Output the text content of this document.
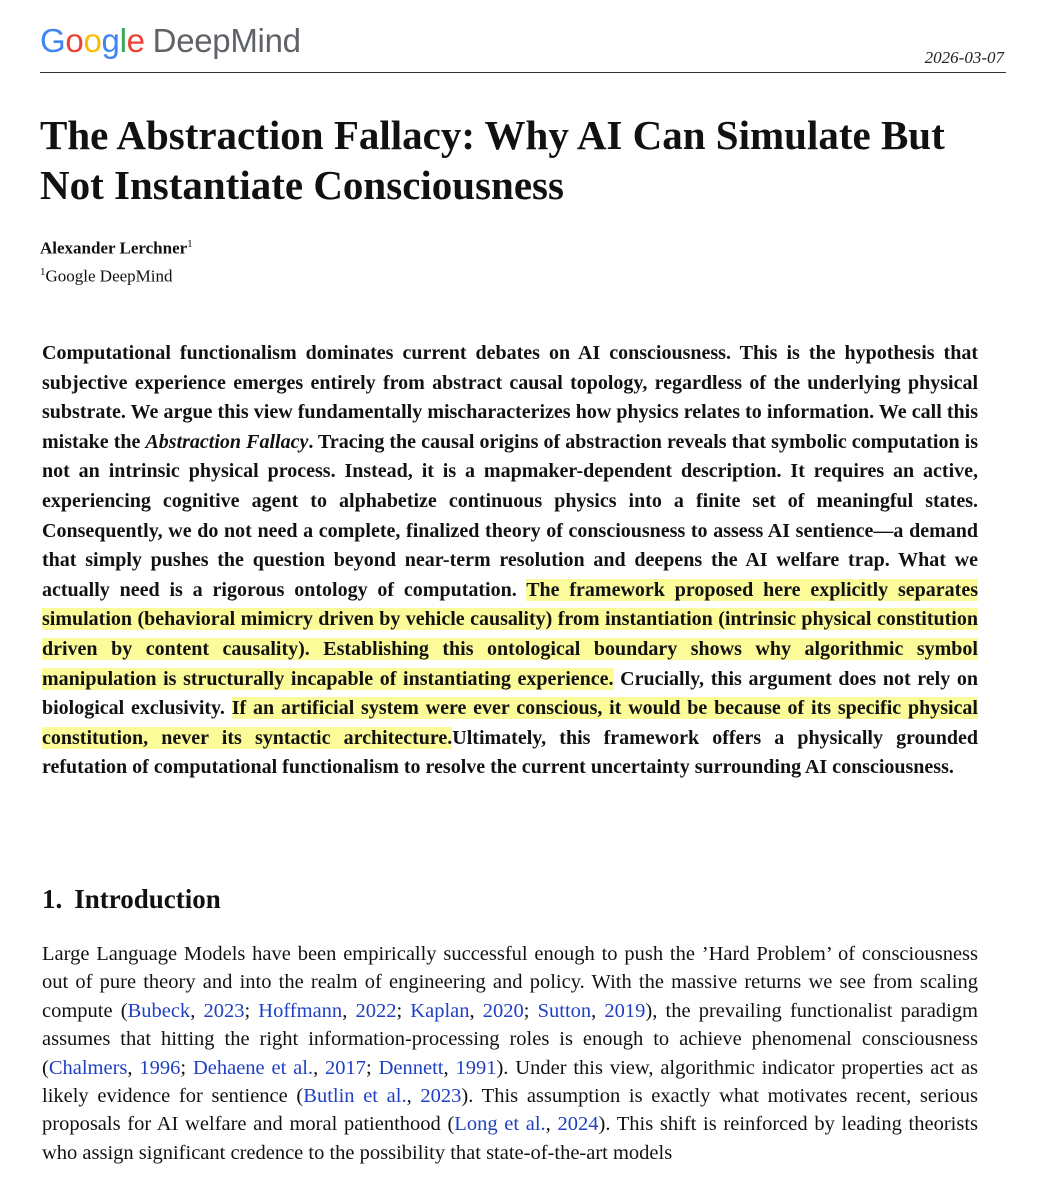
Google DeepMind	2026-03-07
The Abstraction Fallacy: Why AI Can Simulate But Not Instantiate Consciousness
Alexander Lerchner$^1$
$^1$Google DeepMind

Computational functionalism dominates current debates on AI consciousness. This is the hypothesis that subjective experience emerges entirely from abstract causal topology, regardless of the underlying physical substrate. We argue this view fundamentally mischaracterizes how physics relates to information. We call this mistake the Abstraction Fallacy. Tracing the causal origins of abstraction reveals that symbolic computation is not an intrinsic physical process. Instead, it is a mapmaker-dependent description. It requires an active, experiencing cognitive agent to alphabetize continuous physics into a finite set of meaningful states. Consequently, we do not need a complete, finalized theory of consciousness to assess AI sentience—a demand that simply pushes the question beyond near-term resolution and deepens the AI welfare trap. What we actually need is a rigorous ontology of computation. The framework proposed here explicitly separates simulation (behavioral mimicry driven by vehicle causality) from instantiation (intrinsic physical constitution driven by content causality). Establishing this ontological boundary shows why algorithmic symbol manipulation is structurally incapable of instantiating experience. Crucially, this argument does not rely on biological exclusivity. If an artificial system were ever conscious, it would be because of its specific physical constitution, never its syntactic architecture.Ultimately, this framework offers a physically grounded refutation of computational functionalism to resolve the current uncertainty surrounding AI consciousness.

1. Introduction

Large Language Models have been empirically successful enough to push the ’Hard Problem’ of consciousness out of pure theory and into the realm of engineering and policy. With the massive returns we see from scaling compute (Bubeck, 2023; Hoffmann, 2022; Kaplan, 2020; Sutton, 2019), the prevailing functionalist paradigm assumes that hitting the right information-processing roles is enough to achieve phenomenal consciousness (Chalmers, 1996; Dehaene et al., 2017; Dennett, 1991). Under this view, algorithmic indicator properties act as likely evidence for sentience (Butlin et al., 2023). This assumption is exactly what motivates recent, serious proposals for AI welfare and moral patienthood (Long et al., 2024). This shift is reinforced by leading theorists who assign significant credence to the possibility that state-of-the-art models
